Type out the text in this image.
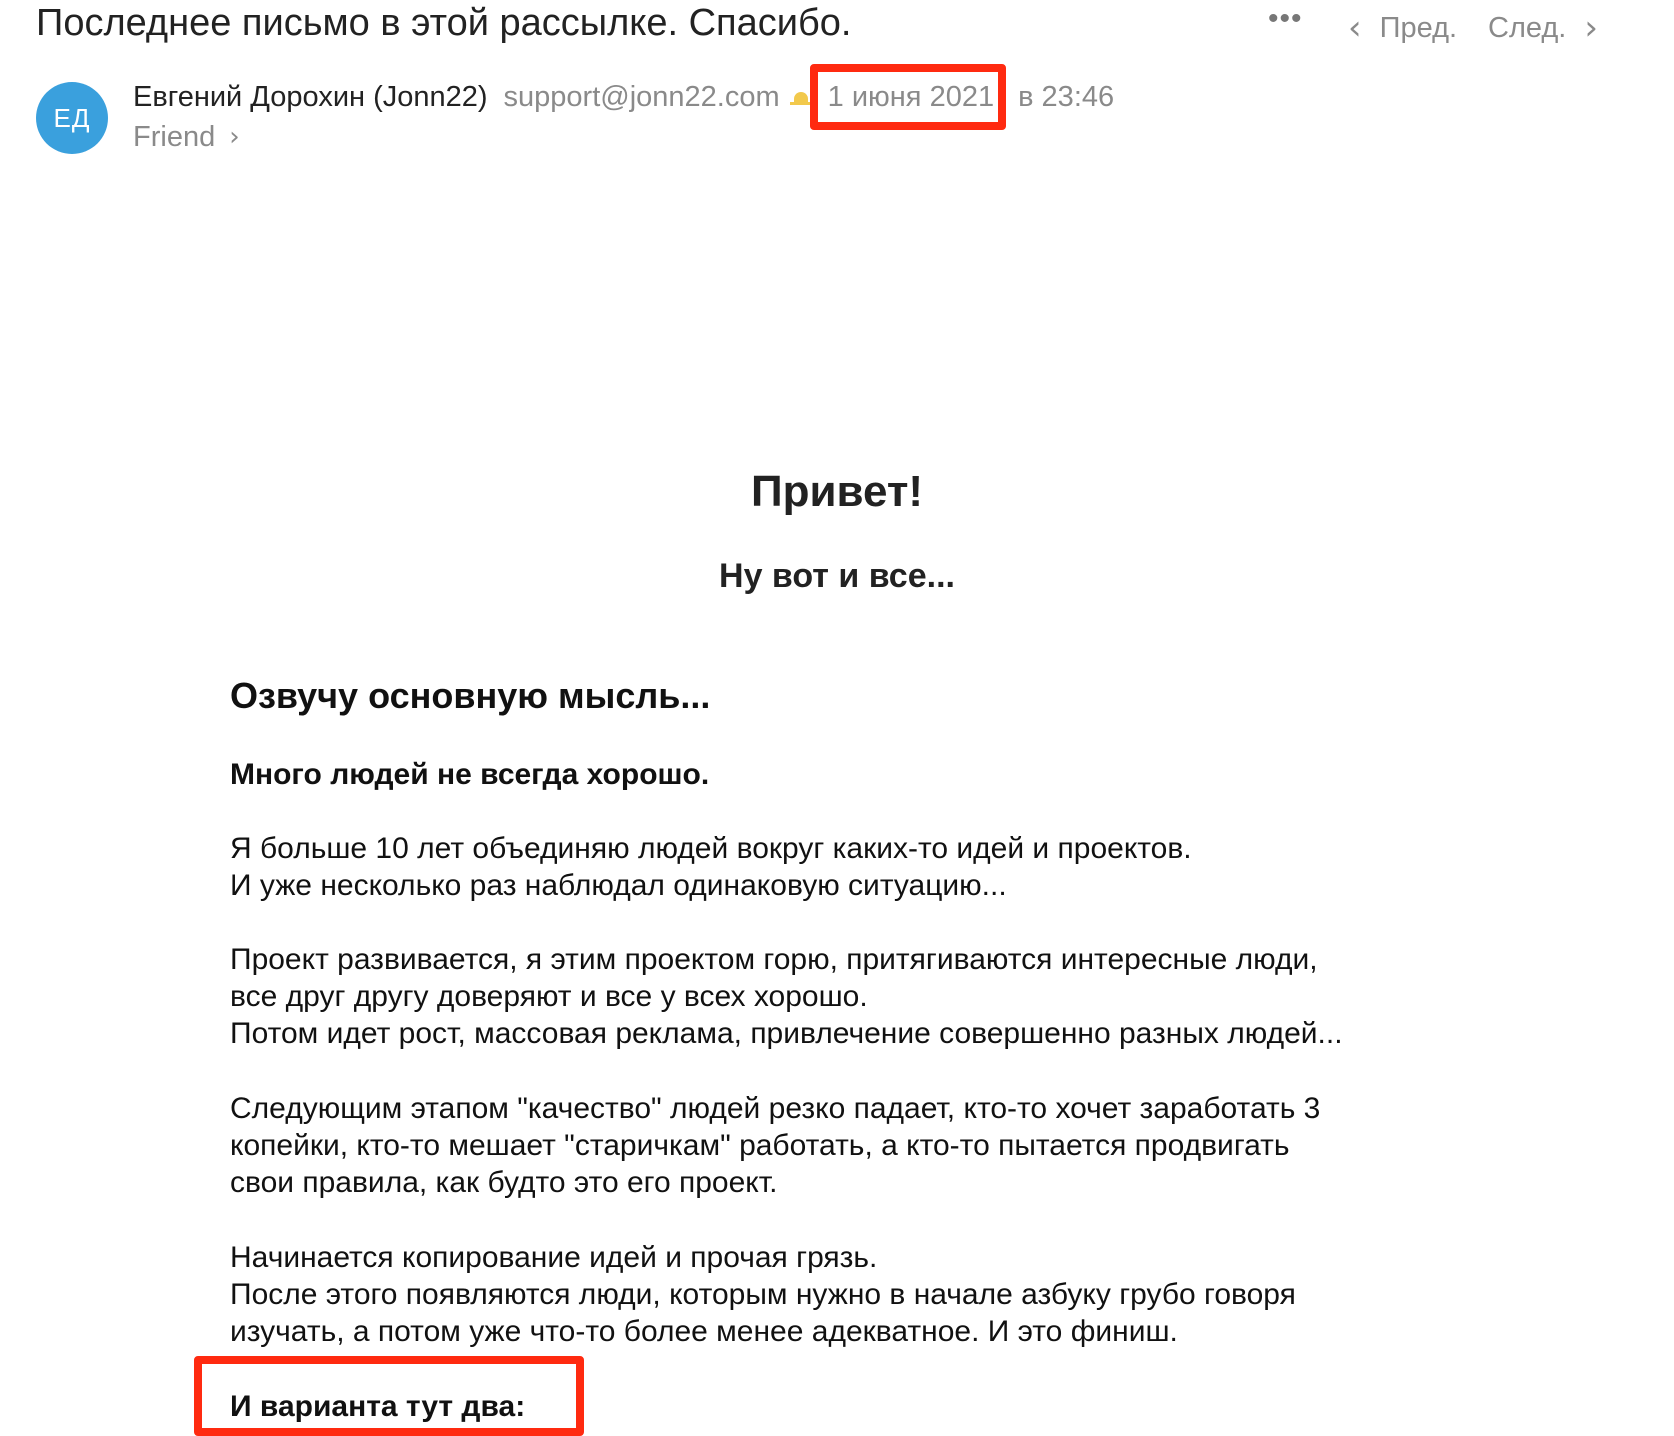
Последнее письмо в этой рассылке. Спасибо.	••• ‹ Пред. След. ›
ЕД
Евгений Дорохин (Jonn22) support@jonn22.com 1 июня 2021 в 23:46
Friend ›
Привет!
Ну вот и все...
Озвучу основную мысль...
Много людей не всегда хорошо.

Я больше 10 лет объединяю людей вокруг каких-то идей и проектов.

И уже несколько раз наблюдал одинаковую ситуацию...

Проект развивается, я этим проектом горю, притягиваются интересные люди,

все друг другу доверяют и все у всех хорошо.

Потом идет рост, массовая реклама, привлечение совершенно разных людей...

Следующим этапом "качество" людей резко падает, кто-то хочет заработать 3

копейки, кто-то мешает "старичкам" работать, а кто-то пытается продвигать

свои правила, как будто это его проект.

Начинается копирование идей и прочая грязь.

После этого появляются люди, которым нужно в начале азбуку грубо говоря

изучать, а потом уже что-то более менее адекватное. И это финиш.

И варианта тут два:
